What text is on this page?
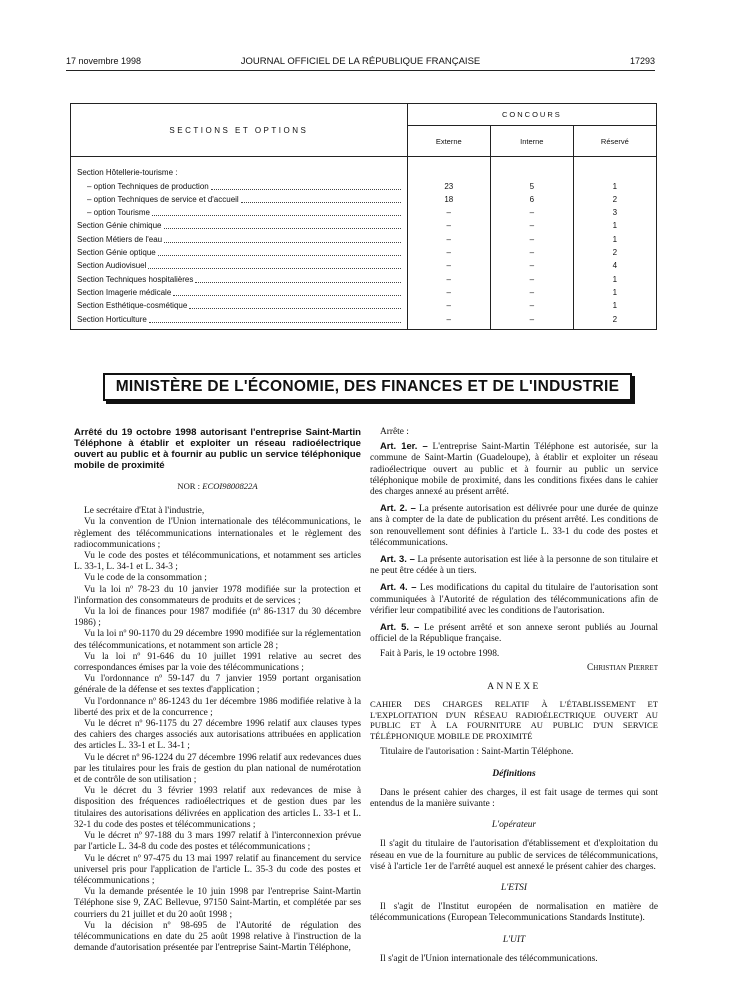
17 novembre 1998	JOURNAL OFFICIEL DE LA RÉPUBLIQUE FRANÇAISE	17293
SECTIONS ET OPTIONS	CONCOURS		
	Externe	Interne	Réservé

Section Hôtellerie-tourisme :			

– option Techniques de production	23	5	1

– option Techniques de service et d'accueil	18	6	2

– option Tourisme	–	–	3

Section Génie chimique	–	–	1

Section Métiers de l'eau	–	–	1

Section Génie optique	–	–	2

Section Audiovisuel	–	–	4

Section Techniques hospitalières	–	–	1

Section Imagerie médicale	–	–	1

Section Esthétique-cosmétique	–	–	1

Section Horticulture	–	–	2
MINISTÈRE DE L'ÉCONOMIE, DES FINANCES ET DE L'INDUSTRIE

Arrêté du 19 octobre 1998 autorisant l'entreprise Saint-Martin Téléphone à établir et exploiter un réseau radioélectrique ouvert au public et à fournir au public un service téléphonique mobile de proximité

NOR : ECOI9800822A

Le secrétaire d'Etat à l'industrie,

Vu la convention de l'Union internationale des télécommunications, le règlement des télécommunications internationales et le règlement des radiocommunications ;

Vu le code des postes et télécommunications, et notamment ses articles L. 33-1, L. 34-1 et L. 34-3 ;

Vu le code de la consommation ;

Vu la loi nº 78-23 du 10 janvier 1978 modifiée sur la protection et l'information des consommateurs de produits et de services ;

Vu la loi de finances pour 1987 modifiée (nº 86-1317 du 30 décembre 1986) ;

Vu la loi nº 90-1170 du 29 décembre 1990 modifiée sur la réglementation des télécommunications, et notamment son article 28 ;

Vu la loi nº 91-646 du 10 juillet 1991 relative au secret des correspondances émises par la voie des télécommunications ;

Vu l'ordonnance nº 59-147 du 7 janvier 1959 portant organisation générale de la défense et ses textes d'application ;

Vu l'ordonnance nº 86-1243 du 1er décembre 1986 modifiée relative à la liberté des prix et de la concurrence ;

Vu le décret nº 96-1175 du 27 décembre 1996 relatif aux clauses types des cahiers des charges associés aux autorisations attribuées en application des articles L. 33-1 et L. 34-1 ;

Vu le décret nº 96-1224 du 27 décembre 1996 relatif aux redevances dues par les titulaires pour les frais de gestion du plan national de numérotation et de contrôle de son utilisation ;

Vu le décret du 3 février 1993 relatif aux redevances de mise à disposition des fréquences radioélectriques et de gestion dues par les titulaires des autorisations délivrées en application des articles L. 33-1 et L. 32-1 du code des postes et télécommunications ;

Vu le décret nº 97-188 du 3 mars 1997 relatif à l'interconnexion prévue par l'article L. 34-8 du code des postes et télécommunications ;

Vu le décret nº 97-475 du 13 mai 1997 relatif au financement du service universel pris pour l'application de l'article L. 35-3 du code des postes et télécommunications ;

Vu la demande présentée le 10 juin 1998 par l'entreprise Saint-Martin Téléphone sise 9, ZAC Bellevue, 97150 Saint-Martin, et complétée par ses courriers du 21 juillet et du 20 août 1998 ;

Vu la décision nº 98-695 de l'Autorité de régulation des télécommunications en date du 25 août 1998 relative à l'instruction de la demande d'autorisation présentée par l'entreprise Saint-Martin Téléphone,

Arrête :

Art. 1er. – L'entreprise Saint-Martin Téléphone est autorisée, sur la commune de Saint-Martin (Guadeloupe), à établir et exploiter un réseau radioélectrique ouvert au public et à fournir au public un service téléphonique mobile de proximité, dans les conditions fixées dans le cahier des charges annexé au présent arrêté.

Art. 2. – La présente autorisation est délivrée pour une durée de quinze ans à compter de la date de publication du présent arrêté. Les conditions de son renouvellement sont définies à l'article L. 33-1 du code des postes et télécommunications.

Art. 3. – La présente autorisation est liée à la personne de son titulaire et ne peut être cédée à un tiers.

Art. 4. – Les modifications du capital du titulaire de l'autorisation sont communiquées à l'Autorité de régulation des télécommunications afin de vérifier leur compatibilité avec les conditions de l'autorisation.

Art. 5. – Le présent arrêté et son annexe seront publiés au Journal officiel de la République française.

Fait à Paris, le 19 octobre 1998.

Christian Pierret

ANNEXE

CAHIER DES CHARGES RELATIF À L'ÉTABLISSEMENT ET L'EXPLOITATION D'UN RÉSEAU RADIOÉLECTRIQUE OUVERT AU PUBLIC ET À LA FOURNITURE AU PUBLIC D'UN SERVICE TÉLÉPHONIQUE MOBILE DE PROXIMITÉ

Titulaire de l'autorisation : Saint-Martin Téléphone.

Définitions

Dans le présent cahier des charges, il est fait usage de termes qui sont entendus de la manière suivante :

L'opérateur

Il s'agit du titulaire de l'autorisation d'établissement et d'exploitation du réseau en vue de la fourniture au public de services de télécommunications, visé à l'article 1er de l'arrêté auquel est annexé le présent cahier des charges.

L'ETSI

Il s'agit de l'Institut européen de normalisation en matière de télécommunications (European Telecommunications Standards Institute).

L'UIT

Il s'agit de l'Union internationale des télécommunications.
